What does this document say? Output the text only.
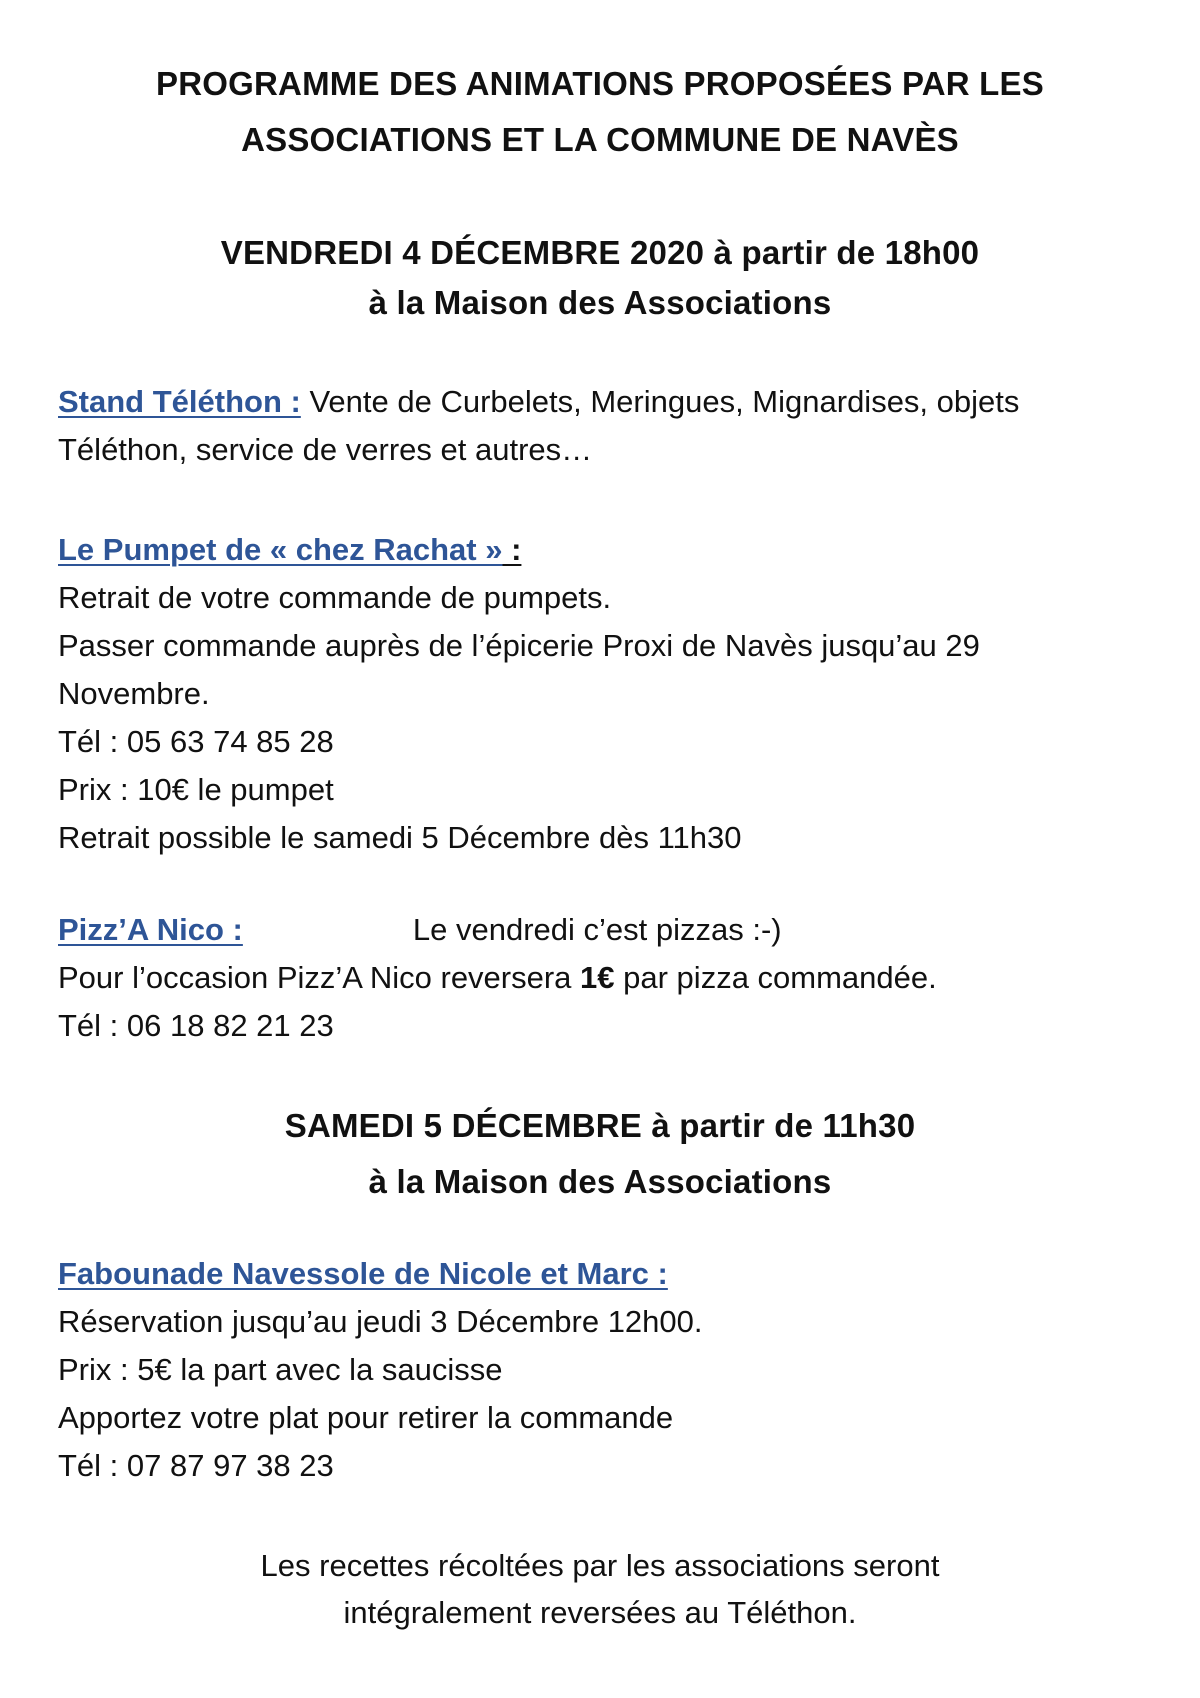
PROGRAMME DES ANIMATIONS PROPOSÉES PAR LES
ASSOCIATIONS ET LA COMMUNE DE NAVÈS
VENDREDI 4 DÉCEMBRE 2020 à partir de 18h00
à la Maison des Associations
Stand Téléthon : Vente de Curbelets, Meringues, Mignardises, objets
Téléthon, service de verres et autres…
Le Pumpet de « chez Rachat » :
Retrait de votre commande de pumpets.
Passer commande auprès de l’épicerie Proxi de Navès jusqu’au 29
Novembre.
Tél : 05 63 74 85 28
Prix : 10€ le pumpet
Retrait possible le samedi 5 Décembre dès 11h30
Pizz’A Nico :	Le vendredi c’est pizzas :-)
Pour l’occasion Pizz’A Nico reversera 1€ par pizza commandée.
Tél : 06 18 82 21 23
SAMEDI 5 DÉCEMBRE à partir de 11h30
à la Maison des Associations
Fabounade Navessole de Nicole et Marc :
Réservation jusqu’au jeudi 3 Décembre 12h00.
Prix : 5€ la part avec la saucisse
Apportez votre plat pour retirer la commande
Tél : 07 87 97 38 23
Les recettes récoltées par les associations seront
intégralement reversées au Téléthon.
